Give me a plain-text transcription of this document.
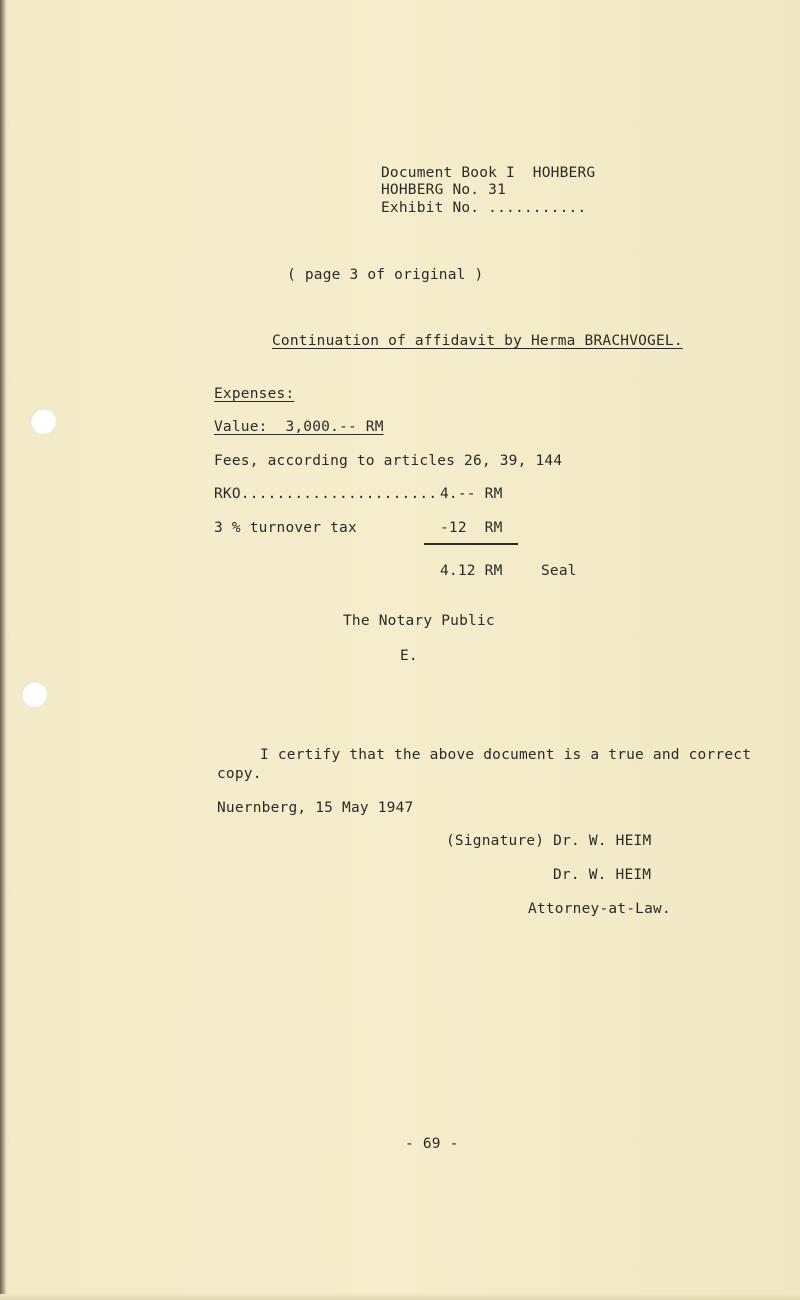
Document Book I  HOHBERG
HOHBERG No. 31
Exhibit No. ...........
( page 3 of original )
Continuation of affidavit by Herma BRACHVOGEL.
Expenses:
Value:  3,000.-- RM
Fees, according to articles 26, 39, 144
RKO...................... 4.-- RM
3 % turnover tax	-12  RM
4.12 RM	Seal
The Notary Public
E.
I certify that the above document is a true and correct
copy.
Nuernberg, 15 May 1947
(Signature) Dr. W. HEIM
Dr. W. HEIM
Attorney-at-Law.
- 69 -
